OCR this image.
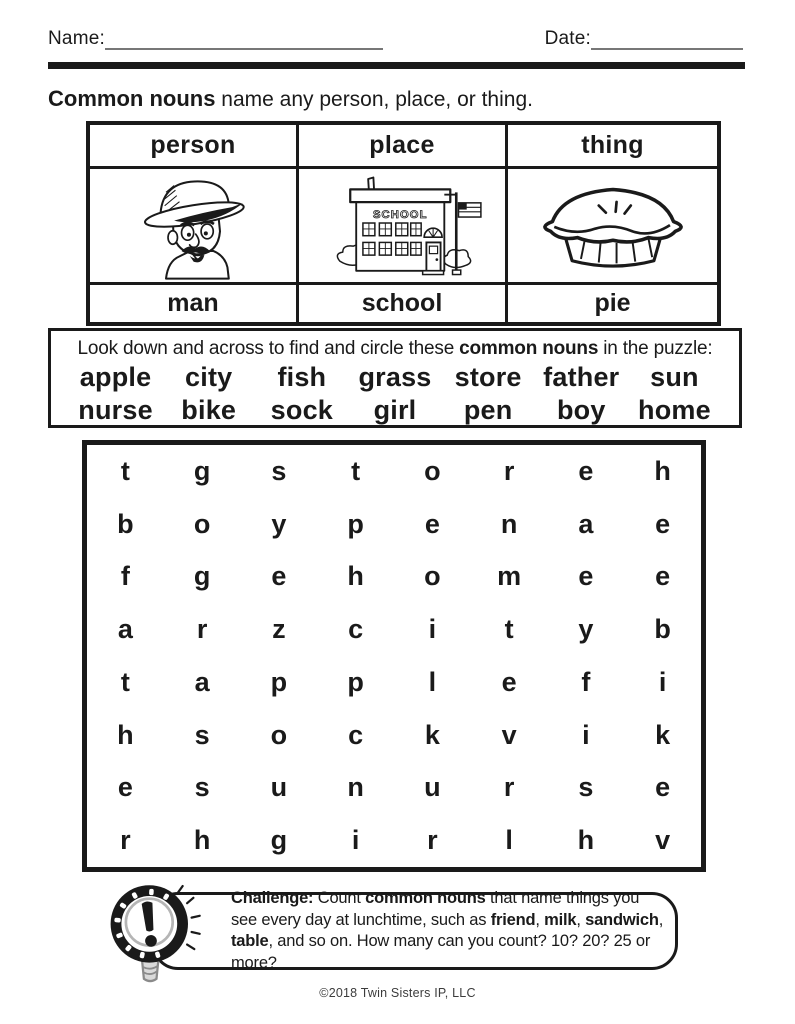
Name:	Date:
Common nouns name any person, place, or thing.
person	place	thing
SCHOOL
man	school	pie
Look down and across to find and circle these common nouns in the puzzle:
apple	city	fish	grass store father	sun
nurse	bike	sock	girl	pen	boy	home
t	g	s	t	o	r	e	h
b	o	y	p	e	n	a	e
f	g	e	h	o	m	e	e
a	r	z	c	i	t	y	b
t	a	p	p	l	e	f	i
h	s	o	c	k	v	i	k
e	s	u	n	u	r	s	e
r	h	g	i	r	l	h	v
Challenge: Count common nouns that name things you see every day at lunchtime, such as friend, milk, sandwich, table, and so on. How many can you count? 10? 20? 25 or more?
©2018 Twin Sisters IP, LLC
